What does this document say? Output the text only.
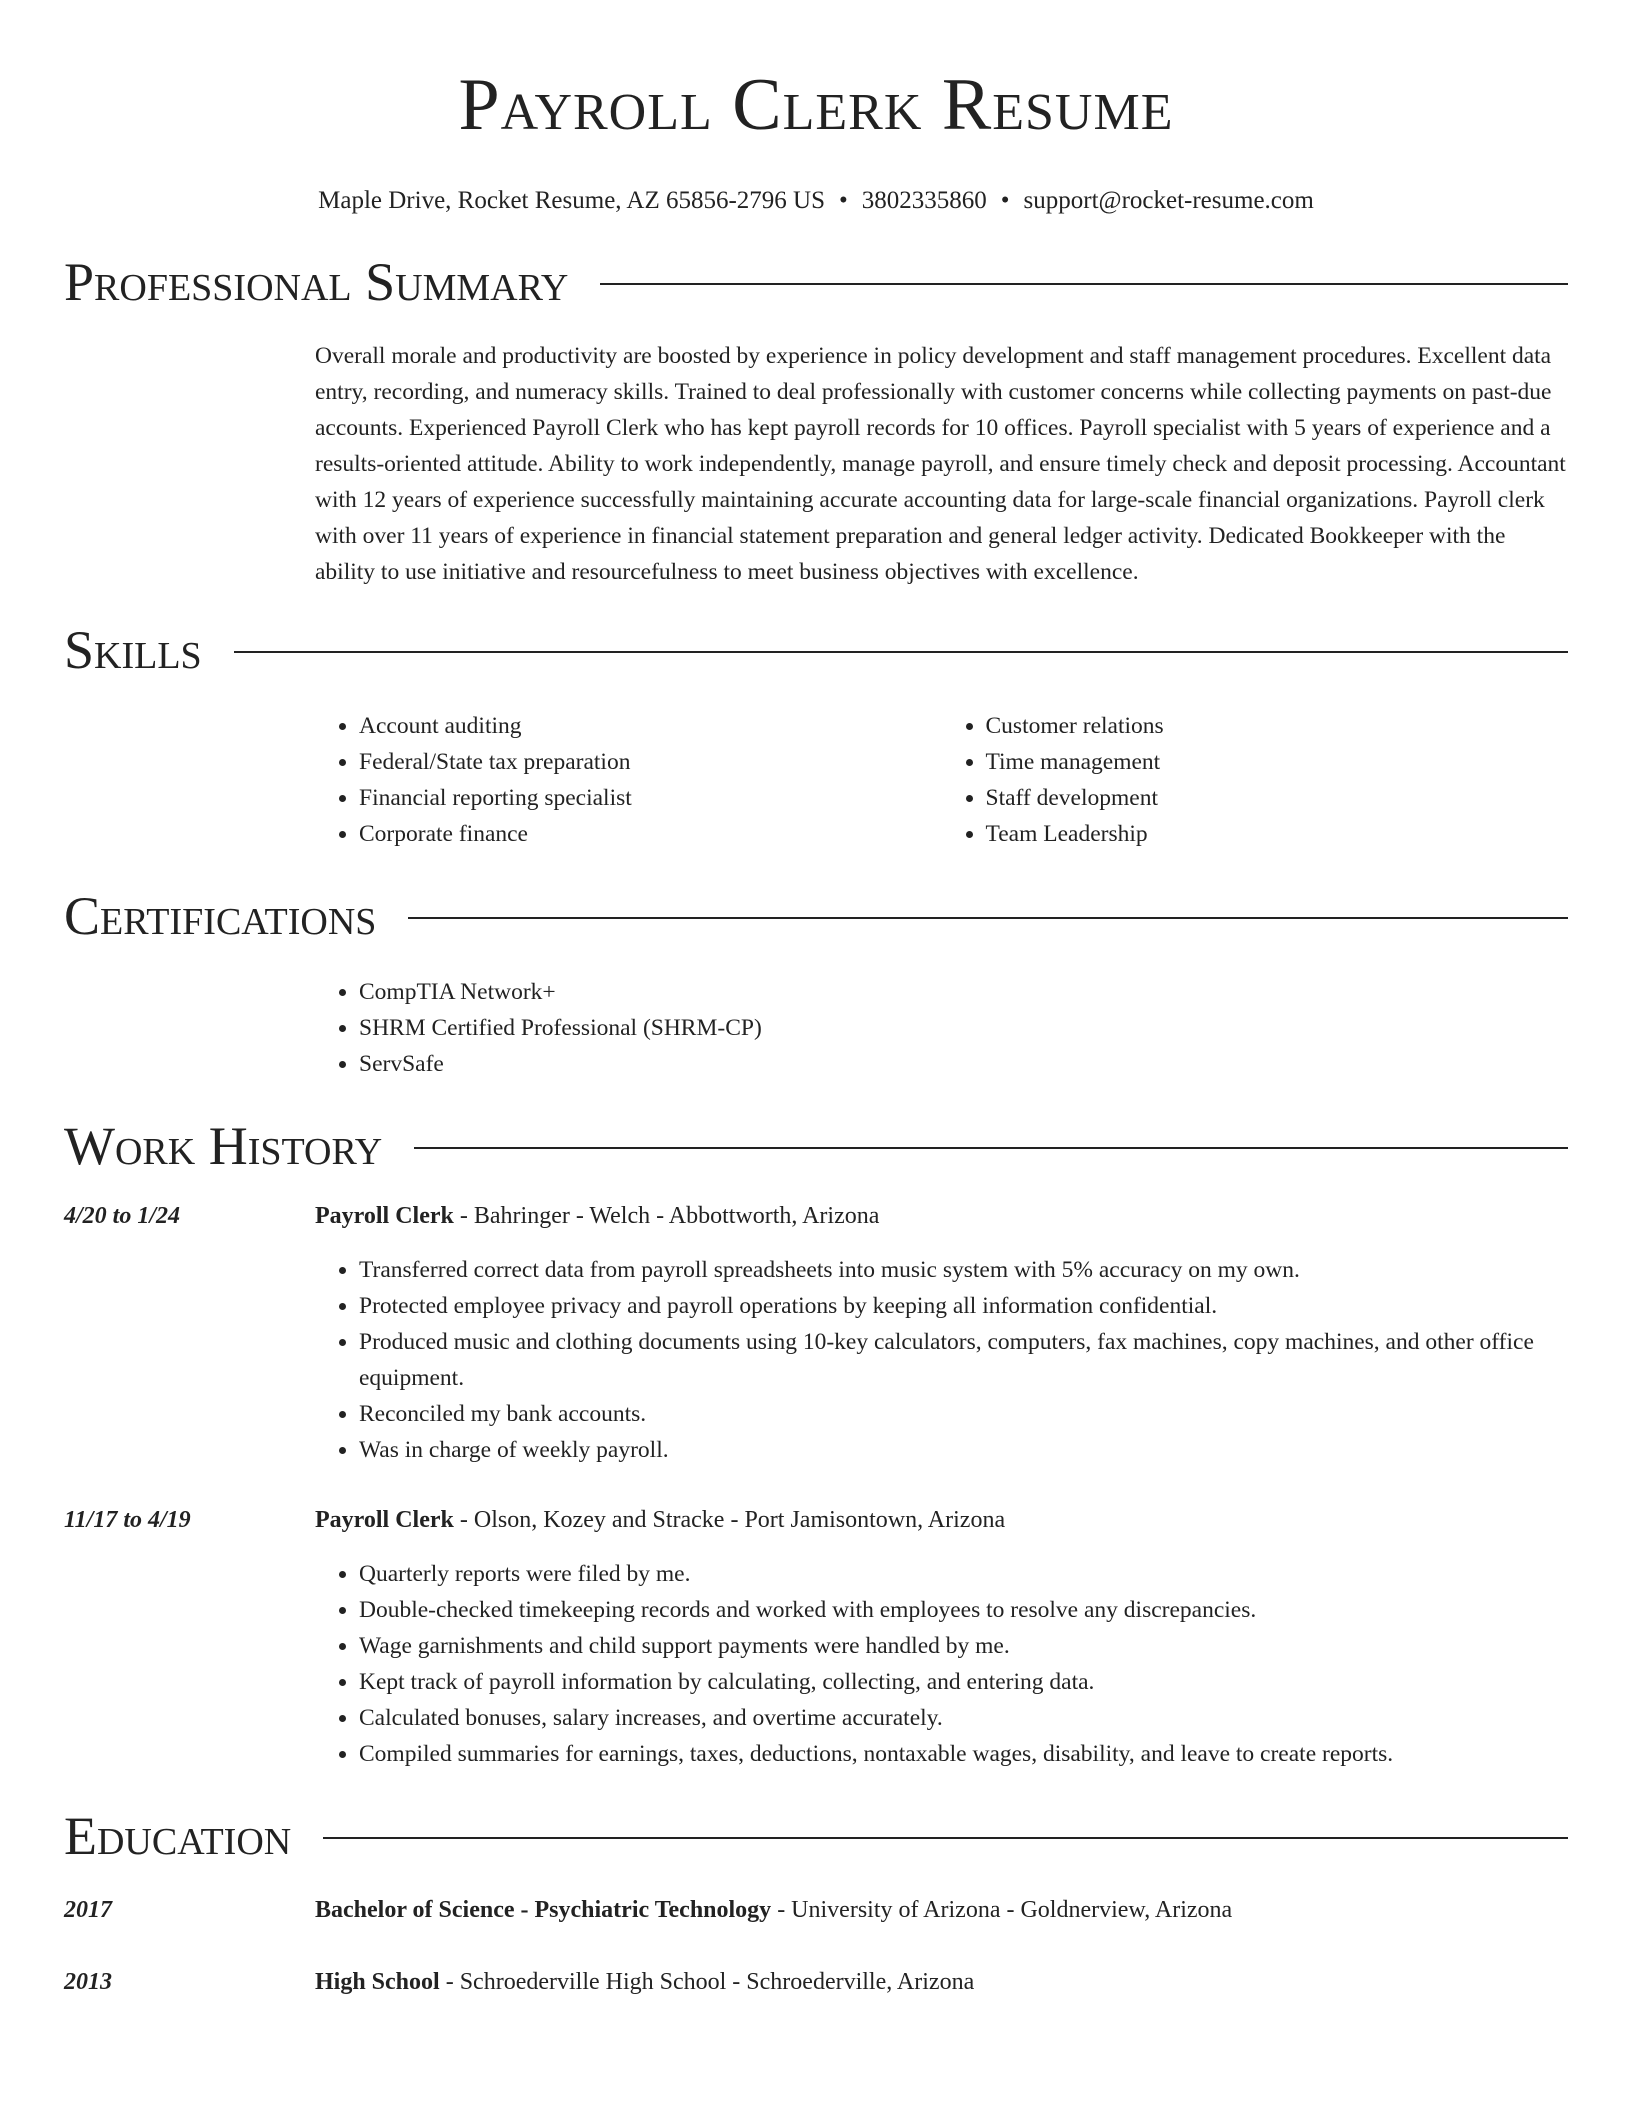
Payroll Clerk Resume
Maple Drive, Rocket Resume, AZ 65856-2796 US • 3802335860 • support@rocket-resume.com
Professional Summary
Overall morale and productivity are boosted by experience in policy development and staff management procedures. Excellent data entry, recording, and numeracy skills. Trained to deal professionally with customer concerns while collecting payments on past-due accounts. Experienced Payroll Clerk who has kept payroll records for 10 offices. Payroll specialist with 5 years of experience and a results-oriented attitude. Ability to work independently, manage payroll, and ensure timely check and deposit processing. Accountant with 12 years of experience successfully maintaining accurate accounting data for large-scale financial organizations. Payroll clerk with over 11 years of experience in financial statement preparation and general ledger activity. Dedicated Bookkeeper with the ability to use initiative and resourcefulness to meet business objectives with excellence.
Skills
• Account auditing
• Federal/State tax preparation
• Financial reporting specialist
• Corporate finance
• Customer relations
• Time management
• Staff development
• Team Leadership
Certifications
• CompTIA Network+
• SHRM Certified Professional (SHRM-CP)
• ServSafe
Work History
4/20 to 1/24	Payroll Clerk - Bahringer - Welch - Abbottworth, Arizona
• Transferred correct data from payroll spreadsheets into music system with 5% accuracy on my own.
• Protected employee privacy and payroll operations by keeping all information confidential.
• Produced music and clothing documents using 10-key calculators, computers, fax machines, copy machines, and other office equipment.
• Reconciled my bank accounts.
• Was in charge of weekly payroll.
11/17 to 4/19	Payroll Clerk - Olson, Kozey and Stracke - Port Jamisontown, Arizona
• Quarterly reports were filed by me.
• Double-checked timekeeping records and worked with employees to resolve any discrepancies.
• Wage garnishments and child support payments were handled by me.
• Kept track of payroll information by calculating, collecting, and entering data.
• Calculated bonuses, salary increases, and overtime accurately.
• Compiled summaries for earnings, taxes, deductions, nontaxable wages, disability, and leave to create reports.
Education
2017	Bachelor of Science - Psychiatric Technology - University of Arizona - Goldnerview, Arizona
2013	High School - Schroederville High School - Schroederville, Arizona
